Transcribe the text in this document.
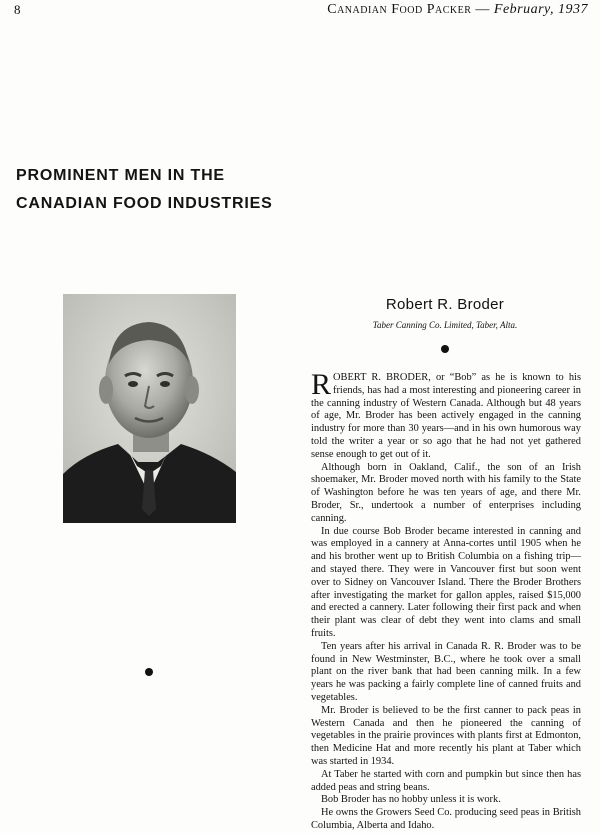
8	Canadian Food Packer — February, 1937
PROMINENT MEN IN THE
CANADIAN FOOD INDUSTRIES
Robert R. Broder
Taber Canning Co. Limited, Taber, Alta.

ROBERT R. BRODER, or “Bob” as he is known to his friends, has had a most interesting and pioneering career in the canning industry of Western Canada. Although but 48 years of age, Mr. Broder has been actively engaged in the canning industry for more than 30 years—and in his own humorous way told the writer a year or so ago that he had not yet gathered sense enough to get out of it.

Although born in Oakland, Calif., the son of an Irish shoemaker, Mr. Broder moved north with his family to the State of Washington before he was ten years of age, and there Mr. Broder, Sr., undertook a number of enterprises including canning.

In due course Bob Broder became interested in canning and was employed in a cannery at Anna-cortes until 1905 when he and his brother went up to British Columbia on a fishing trip—and stayed there. They were in Vancouver first but soon went over to Sidney on Vancouver Island. There the Broder Brothers after investigating the market for gallon apples, raised $15,000 and erected a cannery. Later following their first pack and when their plant was clear of debt they went into clams and small fruits.

Ten years after his arrival in Canada R. R. Broder was to be found in New Westminster, B.C., where he took over a small plant on the river bank that had been canning milk. In a few years he was packing a fairly complete line of canned fruits and vegetables.

Mr. Broder is believed to be the first canner to pack peas in Western Canada and then he pioneered the canning of vegetables in the prairie provinces with plants first at Edmonton, then Medicine Hat and more recently his plant at Taber which was started in 1934.

At Taber he started with corn and pumpkin but since then has added peas and string beans.

Bob Broder has no hobby unless it is work.

He owns the Growers Seed Co. producing seed peas in British Columbia, Alberta and Idaho.
